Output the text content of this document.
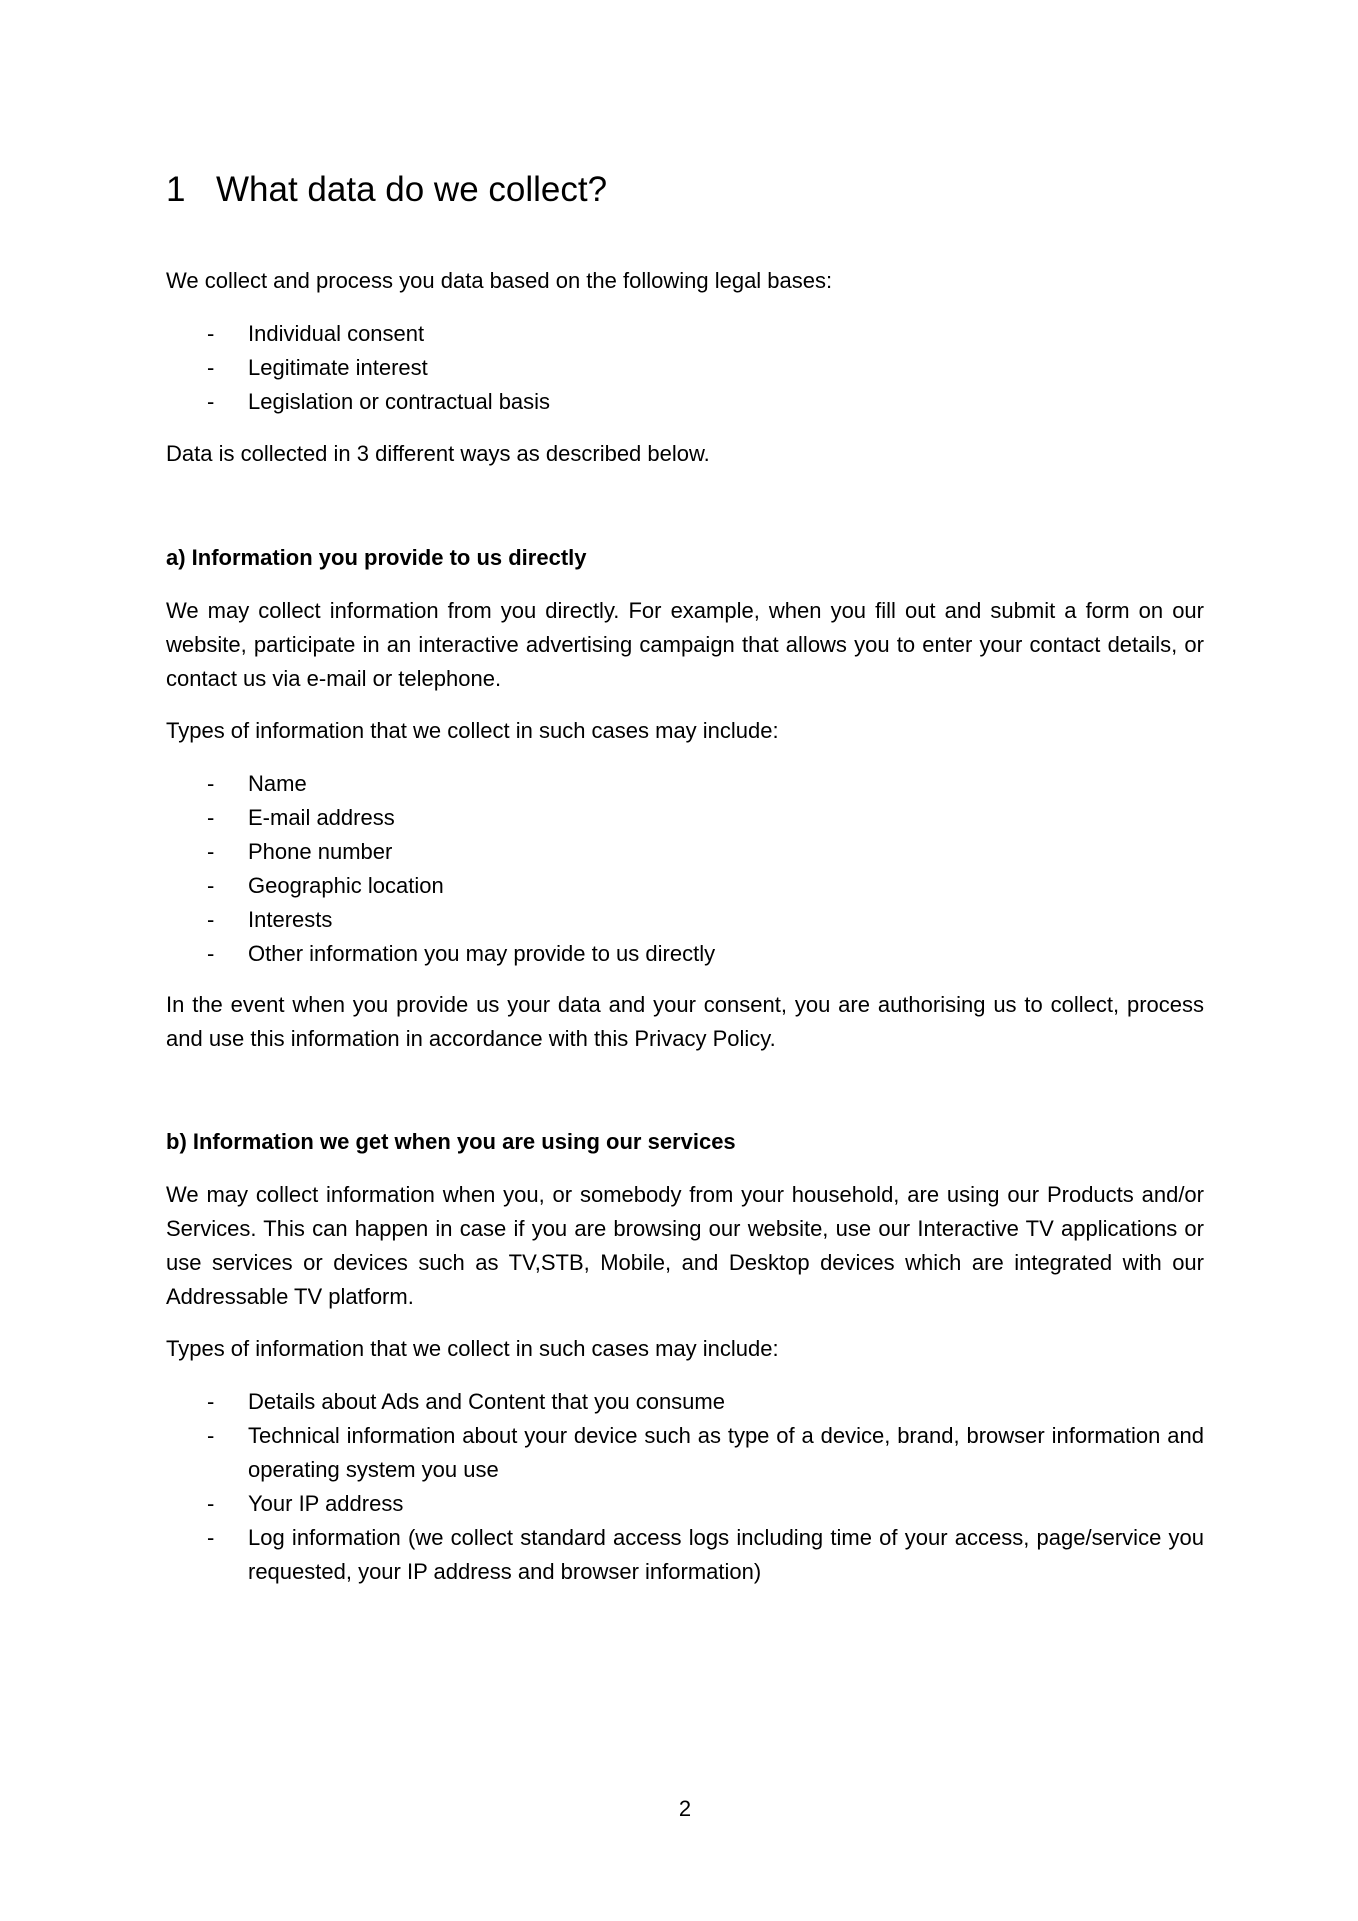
1 What data do we collect?

We collect and process you data based on the following legal bases:

- Individual consent
- Legitimate interest
- Legislation or contractual basis

Data is collected in 3 different ways as described below.

a) Information you provide to us directly

We may collect information from you directly. For example, when you fill out and submit a form on our website, participate in an interactive advertising campaign that allows you to enter your contact details, or contact us via e-mail or telephone.

Types of information that we collect in such cases may include:

- Name
- E-mail address
- Phone number
- Geographic location
- Interests
- Other information you may provide to us directly

In the event when you provide us your data and your consent, you are authorising us to collect, process and use this information in accordance with this Privacy Policy.

b) Information we get when you are using our services

We may collect information when you, or somebody from your household, are using our Products and/or Services. This can happen in case if you are browsing our website, use our Interactive TV applications or use services or devices such as TV,STB, Mobile, and Desktop devices which are integrated with our Addressable TV platform.

Types of information that we collect in such cases may include:

- Details about Ads and Content that you consume
- Technical information about your device such as type of a device, brand, browser information and operating system you use
- Your IP address
- Log information (we collect standard access logs including time of your access, page/service you requested, your IP address and browser information)
2
